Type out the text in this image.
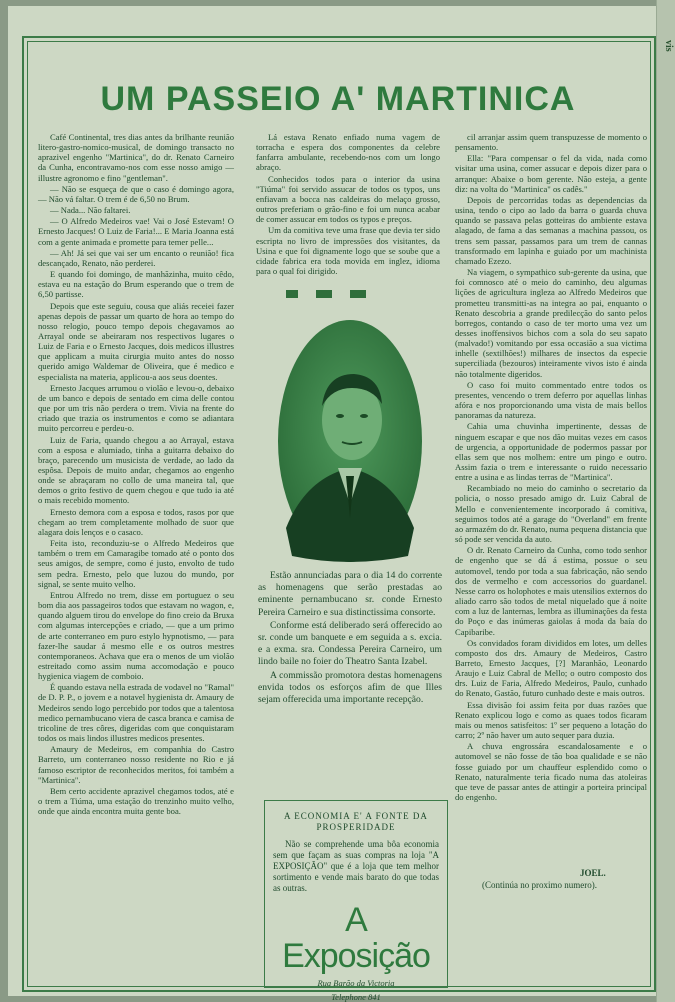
vis
UM PASSEIO A' MARTINICA

Café Continental, tres dias antes da brilhante reunião litero-gastro-nomico-musical, de domingo transacto no aprazivel engenho "Martinica", do dr. Renato Carneiro da Cunha, encontravamo-nos com esse nosso amigo — illustre agronomo e fino "gentleman".

— Não se esqueça de que o caso é domingo agora, — Não vá faltar. O trem é de 6,50 no Brum.

— Nada... Não faltarei.

— O Alfredo Medeiros vae! Vai o José Estevam! O Ernesto Jacques! O Luiz de Faria!... E Maria Joanna está com a gente animada e promette para temer pelle...

— Ah! Já sei que vai ser um encanto o reunião! fica descançado, Renato, não perderei.

E quando foi domingo, de manhãzinha, muito cêdo, estava eu na estação do Brum esperando que o trem de 6,50 partisse.

Depois que este seguiu, cousa que aliás receiei fazer apenas depois de passar um quarto de hora ao tempo do nosso relogio, pouco tempo depois chegavamos ao Arrayal onde se abeiraram nos respectivos lugares o Luiz de Faria e o Ernesto Jacques, dois medicos illustres que applicam a muita cirurgia muito antes do nosso querido amigo Waldemar de Oliveira, que é medico e especialista na materia, applicou-a aos seus doentes.

Ernesto Jacques arrumou o violão e levou-o, debaixo de um banco e depois de sentado em cima delle contou que por um tris não perdera o trem. Vivia na frente do criado que trazia os instrumentos e como se adiantara muito percorreu e perdeu-o.

Luiz de Faria, quando chegou a ao Arrayal, estava com a esposa e alumiado, tinha a guitarra debaixo do braço, parecendo um musicista de verdade, ao lado da espôsa. Depois de muito andar, chegamos ao engenho onde se abraçaram no collo de uma maneira tal, que demos o grito festivo de quem chegou e que tudo ia até o mais recebido momento.

Ernesto demora com a esposa e todos, rasos por que chegam ao trem completamente molhado de suor que alagara dois lenços e o casaco.

Feita isto, reconduziu-se o Alfredo Medeiros que também o trem em Camaragibe tomado até o ponto dos seus amigos, de sempre, como é justo, envolto de tudo sem pedra. Ernesto, pelo que luzou do mundo, por signal, se sente muito velho.

Entrou Alfredo no trem, disse em portuguez o seu bom dia aos passageiros todos que estavam no wagon, e, quando alguem tirou do envelope do fino creio da Bruxa com algumas intercepções e criado, — que a um primo de arte conterraneo em puro estylo hypnotismo, — para fazer-lhe saudar á mesmo elle e os outros mestres contemporaneos. Achava que era o menos de um violão estreitado como assim numa accomodação e pouco hygienica viagem de comboio.

É quando estava nella estrada de vodavel no "Ramal" de D. P. P., o jovem e a notavel hygienista dr. Amaury de Medeiros sendo logo percebido por todos que a talentosa medico pernambucano viera de casca branca e camisa de tricoline de tres côres, digeridas com que conquistaram todos os mais lindos illustres medicos presentes.

Amaury de Medeiros, em companhia do Castro Barreto, um conterraneo nosso residente no Rio e já famoso escriptor de reconhecidos meritos, foi também a "Martinica".

Bem certo accidente aprazivel chegamos todos, até e o trem a Tiúma, uma estação do trenzinho muito velho, onde que ainda encontra muita gente boa.

Lá estava Renato enfiado numa vagem de torracha e espera dos componentes da celebre fanfarra ambulante, recebendo-nos com um longo abraço.

Conhecidos todos para o interior da usina "Tiúma" foi servido assucar de todos os typos, uns enfiavam a bocca nas caldeiras do melaço grosso, outros preferiam o grão-fino e foi um nunca acabar de comer assucar em todos os typos e preços.

Um da comitiva teve uma frase que devia ter sido escripta no livro de impressões dos visitantes, da Usina e que foi dignamente logo que se soube que a cidade fabrica era toda movida em inglez, idioma para o qual foi dirigido.

Estão annunciadas para o dia 14 do corrente as homenagens que serão prestadas ao eminente pernambucano sr. conde Ernesto Pereira Carneiro e sua distinctissima consorte.

Conforme está deliberado será offerecido ao sr. conde um banquete e em seguida a s. excia. e a exma. sra. Condessa Pereira Carneiro, um lindo baile no foier do Theatro Santa Izabel.

A commissão promotora destas homenagens envida todos os esforços afim de que Illes sejam offerecida uma importante recepção.

A ECONOMIA E' A FONTE DA PROSPERIDADE

Não se comprehende uma bôa economia sem que façam as suas compras na loja "A EXPOSIÇÃO" que é a loja que tem melhor sortimento e vende mais barato do que todas as outras.

A Exposição
Rua Barão da Victoria
Telephone 841

cil arranjar assim quem transpuzesse de momento o pensamento.

Ella: "Para compensar o fel da vida, nada como visitar uma usina, comer assucar e depois dizer para o arranque: Abaixe o bom gerente. Não esteja, a gente diz: na volta do "Martinica" os cadês."

Depois de percorridas todas as dependencias da usina, tendo o cipo ao lado da barra o guarda chuva quando se passava pelas gotteiras do ambiente estava alagado, de fama a das semanas a machina passou, os trens sem passar, passamos para um trem de cannas transformado em lapinha e guiado por um machinista chamado Ezezo.

Na viagem, o sympathico sub-gerente da usina, que foi comnosco até o meio do caminho, deu algumas lições de agricultura ingleza ao Alfredo Medeiros que prometteu transmitti-as na integra ao pai, enquanto o Renato descobria a grande predilecção do santo pelos borregos, contando o caso de ter morto uma vez um desses inoffensivos bichos com a sola do seu sapato (malvado!) vomitando por essa occasião a sua victima inhelle (sextilhões!) milhares de insectos da especie superciliada (bezouros) inteiramente vivos isto é ainda não totalmente digeridos.

O caso foi muito commentado entre todos os presentes, vencendo o trem deferro por aquellas linhas afóra e nos proporcionando uma vista de mais bellos panoramas da natureza.

Cahia uma chuvinha impertinente, dessas de ninguem escapar e que nos dão muitas vezes em casos de urgencia, a opportunidade de podermos passar por ellas sem que nos molhem: entre um pingo e outro. Assim fazia o trem e interessante o ruido necessario entre a usina e as lindas terras de "Martinica".

Recambiado no meio do caminho o secretario da policia, o nosso presado amigo dr. Luiz Cabral de Mello e convenientemente incorporado á comitiva, seguimos todos até a garage do "Overland" em frente ao armazém do dr. Renato, numa pequena distancia que só pode ser vencida da auto.

O dr. Renato Carneiro da Cunha, como todo senhor de engenho que se dá á estima, possue o seu automovel, tendo por toda a sua fabricação, não sendo dos de vermelho e com accessorios do guardanel. Nesse carro os holophotes e mais utensilios externos do aliado carro são todos de metal niquelado que á noite com a luz de lanternas, lembra as illuminações da festa do Poço e das inúmeras gaiolas á moda da baía do Capibaribe.

Os convidados foram divididos em lotes, um delles composto dos drs. Amaury de Medeiros, Castro Barreto, Ernesto Jacques, [?] Maranhão, Leonardo Araujo e Luiz Cabral de Mello; o outro composto dos drs. Luiz de Faria, Alfredo Medeiros, Paulo, cunhado do Renato, Gastão, futuro cunhado deste e mais outros.

Essa divisão foi assim feita por duas razões que Renato explicou logo e como as quaes todos ficaram mais ou menos satisfeitos: 1º ser pequeno a lotação do carro; 2º não haver um auto sequer para duzia.

A chuva engrossára escandalosamente e o automovel se não fosse de tão boa qualidade e se não fosse guiado por um chauffeur esplendido como o Renato, naturalmente teria ficado numa das atoleiras que teve de passar antes de attingir a porteira principal do engenho.

(Continúa no proximo numero).
JOEL.
